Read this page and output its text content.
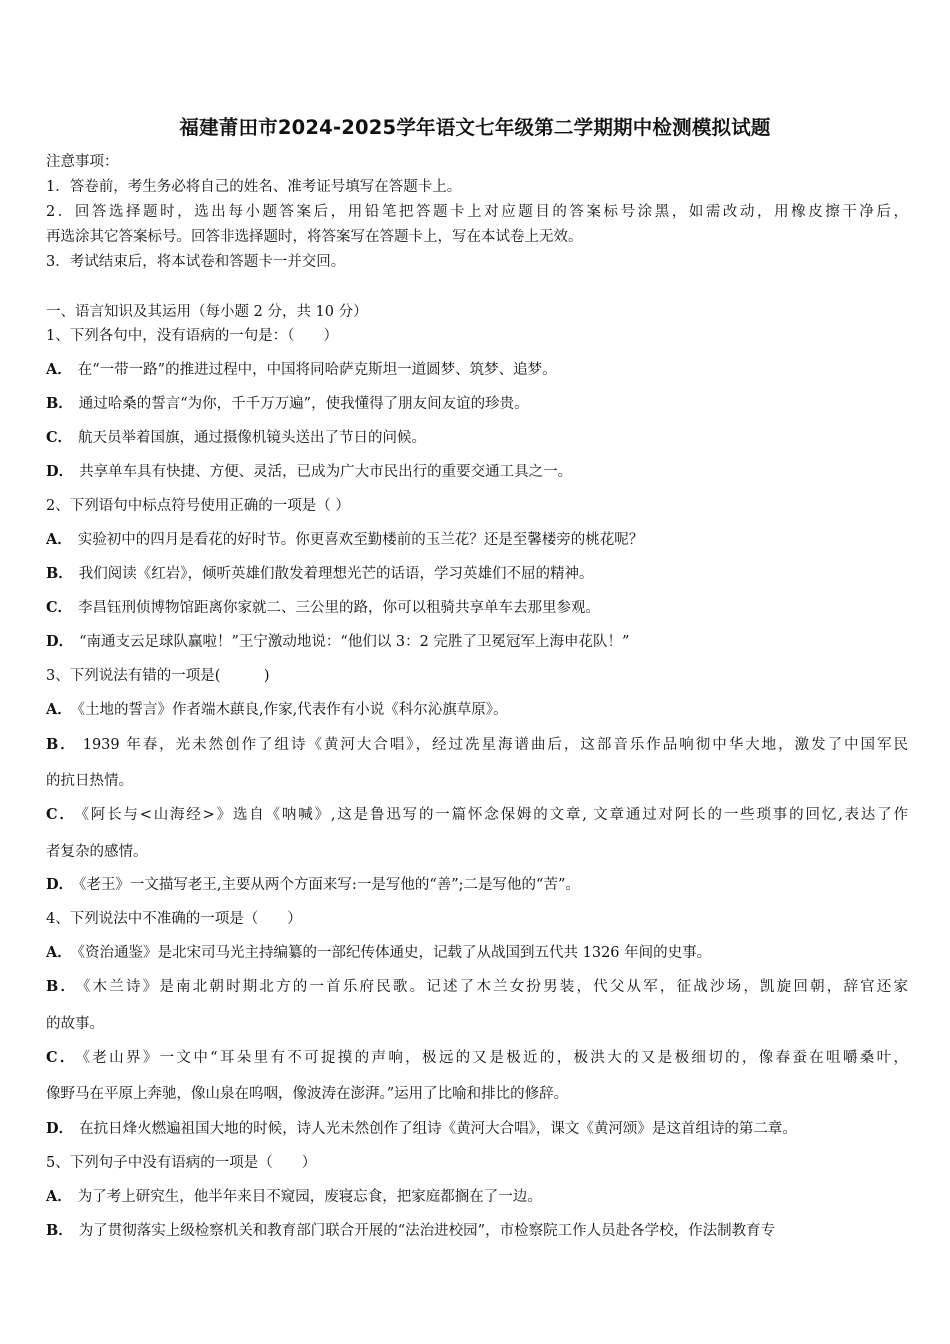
福建莆田市2024-2025学年语文七年级第二学期期中检测模拟试题
注意事项：
1．答卷前，考生务必将自己的姓名、准考证号填写在答题卡上。
2．回答选择题时，选出每小题答案后，用铅笔把答题卡上对应题目的答案标号涂黑，如需改动，用橡皮擦干净后，
再选涂其它答案标号。回答非选择题时，将答案写在答题卡上，写在本试卷上无效。
3．考试结束后，将本试卷和答题卡一并交回。
一、语言知识及其运用（每小题 2 分，共 10 分）
1、下列各句中，没有语病的一句是：（　　）
A． 在“一带一路”的推进过程中，中国将同哈萨克斯坦一道圆梦、筑梦、追梦。
B． 通过哈桑的誓言“为你，千千万万遍”，使我懂得了朋友间友谊的珍贵。
C． 航天员举着国旗，通过摄像机镜头送出了节日的问候。
D． 共享单车具有快捷、方便、灵活，已成为广大市民出行的重要交通工具之一。
2、下列语句中标点符号使用正确的一项是（ ）
A． 实验初中的四月是看花的好时节。你更喜欢至勤楼前的玉兰花？还是至馨楼旁的桃花呢？
B． 我们阅读《红岩》，倾听英雄们散发着理想光芒的话语，学习英雄们不屈的精神。
C． 李昌钰刑侦博物馆距离你家就二、三公里的路，你可以租骑共享单车去那里参观。
D． “南通支云足球队赢啦！”王宁激动地说：“他们以 3：2 完胜了卫冕冠军上海申花队！”
3、下列说法有错的一项是(　　　)
A． 《土地的誓言》作者端木蕻良,作家,代表作有小说《科尔沁旗草原》。
B． 1939 年春，光未然创作了组诗《黄河大合唱》，经过冼星海谱曲后，这部音乐作品响彻中华大地，激发了中国军民
的抗日热情。
C． 《阿长与<山海经>》选自《呐喊》,这是鲁迅写的一篇怀念保姆的文章, 文章通过对阿长的一些琐事的回忆,表达了作
者复杂的感情。
D． 《老王》一文描写老王,主要从两个方面来写:一是写他的“善”;二是写他的“苦”。
4、下列说法中不准确的一项是（　　）
A． 《资治通鉴》是北宋司马光主持编纂的一部纪传体通史，记载了从战国到五代共 1326 年间的史事。
B． 《木兰诗》是南北朝时期北方的一首乐府民歌。记述了木兰女扮男装，代父从军，征战沙场，凯旋回朝，辞官还家
的故事。
C． 《老山界》一文中“耳朵里有不可捉摸的声响，极远的又是极近的，极洪大的又是极细切的，像春蚕在咀嚼桑叶，
像野马在平原上奔驰，像山泉在呜咽，像波涛在澎湃。”运用了比喻和排比的修辞。
D． 在抗日烽火燃遍祖国大地的时候，诗人光未然创作了组诗《黄河大合唱》，课文《黄河颂》是这首组诗的第二章。
5、下列句子中没有语病的一项是（　　）
A． 为了考上研究生，他半年来目不窥园，废寝忘食，把家庭都搁在了一边。
B． 为了贯彻落实上级检察机关和教育部门联合开展的“法治进校园”，市检察院工作人员赴各学校，作法制教育专
